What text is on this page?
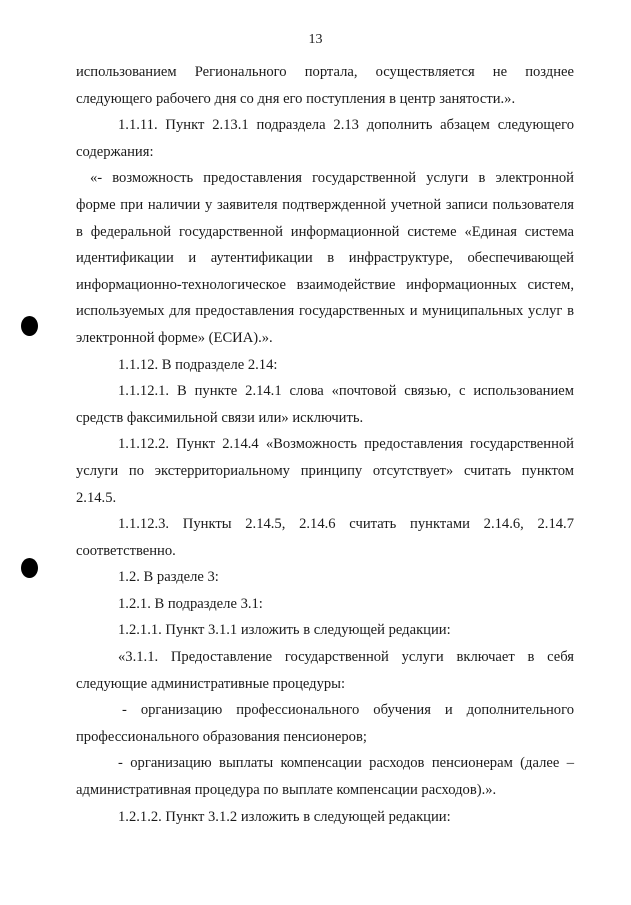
13

использованием Регионального портала, осуществляется не позднее следующего рабочего дня со дня его поступления в центр занятости.».

1.1.11. Пункт 2.13.1 подраздела 2.13 дополнить абзацем следующего содержания:

«- возможность предоставления государственной услуги в электронной форме при наличии у заявителя подтвержденной учетной записи пользователя в федеральной государственной информационной системе «Единая система идентификации и аутентификации в инфраструктуре, обеспечивающей информационно-технологическое взаимодействие информационных систем, используемых для предоставления государственных и муниципальных услуг в электронной форме» (ЕСИА).».

1.1.12. В подразделе 2.14:

1.1.12.1. В пункте 2.14.1 слова «почтовой связью, с использованием средств факсимильной связи или» исключить.

1.1.12.2. Пункт 2.14.4 «Возможность предоставления государственной услуги по экстерриториальному принципу отсутствует» считать пунктом 2.14.5.

1.1.12.3. Пункты 2.14.5, 2.14.6 считать пунктами 2.14.6, 2.14.7 соответственно.

1.2. В разделе 3:

1.2.1. В подразделе 3.1:

1.2.1.1. Пункт 3.1.1 изложить в следующей редакции:

«3.1.1. Предоставление государственной услуги включает в себя следующие административные процедуры:

- организацию профессионального обучения и дополнительного профессионального образования пенсионеров;

- организацию выплаты компенсации расходов пенсионерам (далее – административная процедура по выплате компенсации расходов).».

1.2.1.2. Пункт 3.1.2 изложить в следующей редакции:
